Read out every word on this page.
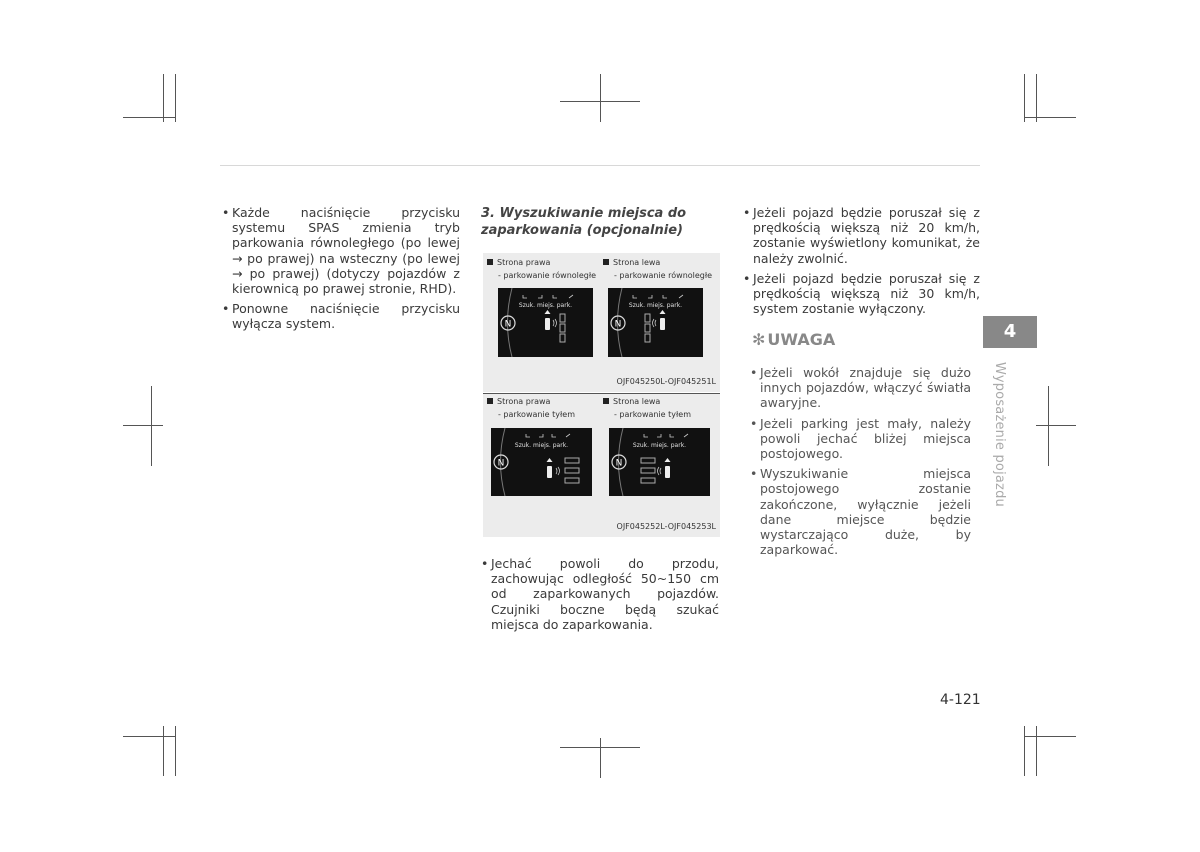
• Każde naciśnięcie przycisku systemu SPAS zmienia tryb parkowania równoległego (po lewej → po prawej) na wsteczny (po lewej → po prawej) (dotyczy pojazdów z kierownicą po prawej stronie, RHD).
• Ponowne naciśnięcie przycisku wyłącza system.
3. Wyszukiwanie miejsca do zaparkowania (opcjonalnie)
Strona prawa
- parkowanie równoległe
Strona lewa
- parkowanie równoległe
N
Szuk. miejs. park.
N
Szuk. miejs. park.
OJF045250L-OJF045251L
Strona prawa
- parkowanie tyłem
Strona lewa
- parkowanie tyłem
N
Szuk. miejs. park.
N
Szuk. miejs. park.
OJF045252L-OJF045253L
• Jechać powoli do przodu, zachowując odległość 50~150 cm od zaparkowanych pojazdów. Czujniki boczne będą szukać miejsca do zaparkowania.
• Jeżeli pojazd będzie poruszał się z prędkością większą niż 20 km/h, zostanie wyświetlony komunikat, że należy zwolnić.
• Jeżeli pojazd będzie poruszał się z prędkością większą niż 30 km/h, system zostanie wyłączony.
✻ UWAGA
• Jeżeli wokół znajduje się dużo innych pojazdów, włączyć światła awaryjne.
• Jeżeli parking jest mały, należy powoli jechać bliżej miejsca postojowego.
• Wyszukiwanie miejsca postojowego zostanie zakończone, wyłącznie jeżeli dane miejsce będzie wystarczająco duże, by zaparkować.
4
Wyposażenie pojazdu
4-121
